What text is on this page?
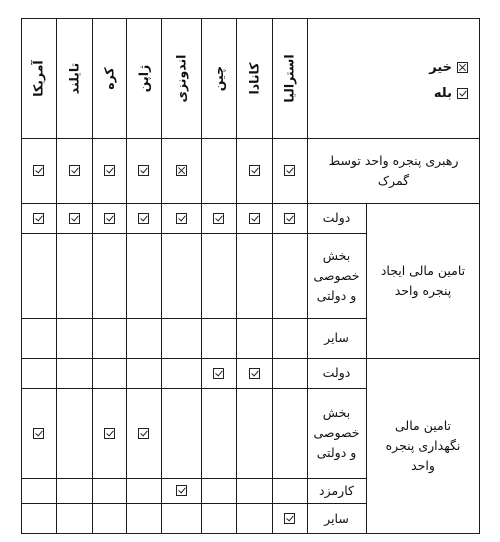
خیر
بله
آمریکا تایلند کره ژاپن اندونزی چین کانادا استرالیا
رهبری پنجره واحد توسط گمرک
دولت
بخش خصوصی و دولتی
سایر
دولت
بخش خصوصی و دولتی
کارمزد
سایر
تامین مالی ایجاد پنجره واحد
تامین مالی نگهداری پنجره واحد
